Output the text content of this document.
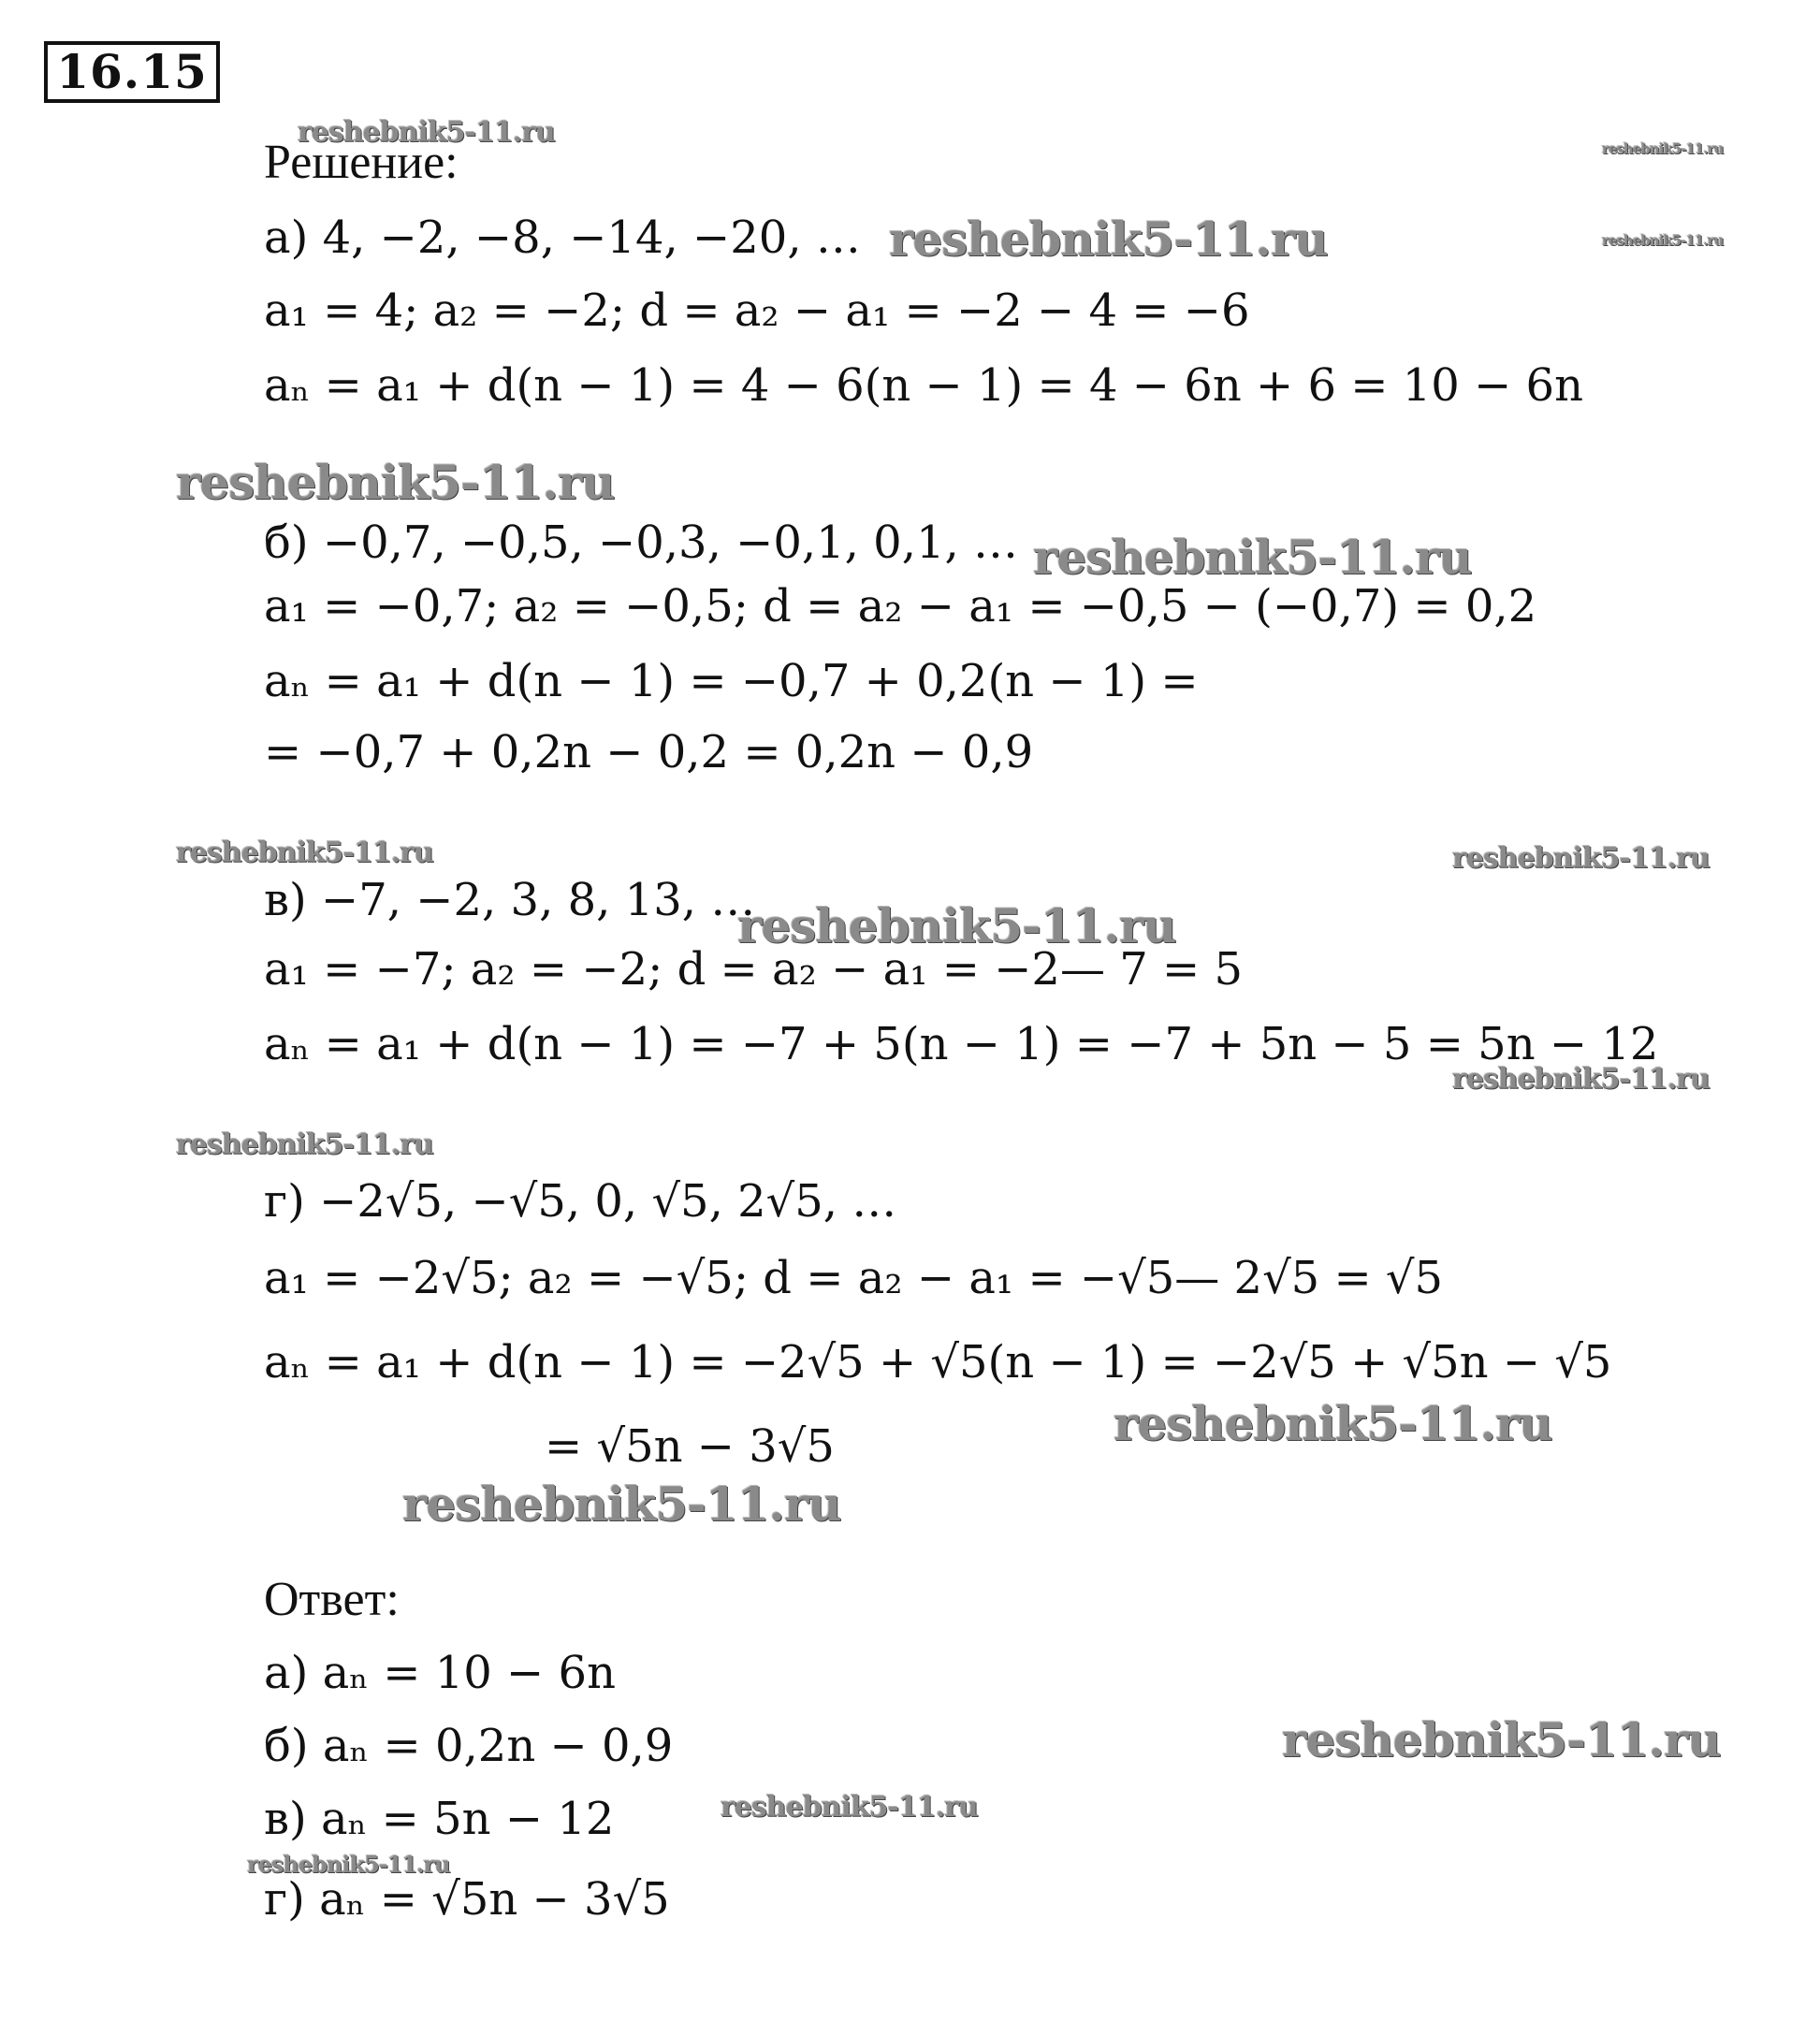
16.15
reshebnik5-11.ru	reshebnik5-11.ru
reshebnik5-11.ru
reshebnik5-11.ru
reshebnik5-11.ru
reshebnik5-11.ru
reshebnik5-11.ru	reshebnik5-11.ru
reshebnik5-11.ru
reshebnik5-11.ru
reshebnik5-11.ru
reshebnik5-11.ru
reshebnik5-11.ru
reshebnik5-11.ru
reshebnik5-11.ru
reshebnik5-11.ru
Решение:
а) 4, −2, −8, −14, −20, …
a₁ = 4; a₂ = −2; d = a₂ − a₁ = −2 − 4 = −6
aₙ = a₁ + d(n − 1) = 4 − 6(n − 1) = 4 − 6n + 6 = 10 − 6n
б) −0,7, −0,5, −0,3, −0,1, 0,1, …
a₁ = −0,7; a₂ = −0,5; d = a₂ − a₁ = −0,5 − (−0,7) = 0,2
aₙ = a₁ + d(n − 1) = −0,7 + 0,2(n − 1) =
= −0,7 + 0,2n − 0,2 = 0,2n − 0,9
в) −7, −2, 3, 8, 13, …
a₁ = −7; a₂ = −2; d = a₂ − a₁ = −2— 7 = 5
aₙ = a₁ + d(n − 1) = −7 + 5(n − 1) = −7 + 5n − 5 = 5n − 12
г) −2√5, −√5, 0, √5, 2√5, …
a₁ = −2√5; a₂ = −√5; d = a₂ − a₁ = −√5— 2√5 = √5
aₙ = a₁ + d(n − 1) = −2√5 + √5(n − 1) = −2√5 + √5n − √5
= √5n − 3√5
Ответ:
а) aₙ = 10 − 6n
б) aₙ = 0,2n − 0,9
в) aₙ = 5n − 12
г) aₙ = √5n − 3√5
